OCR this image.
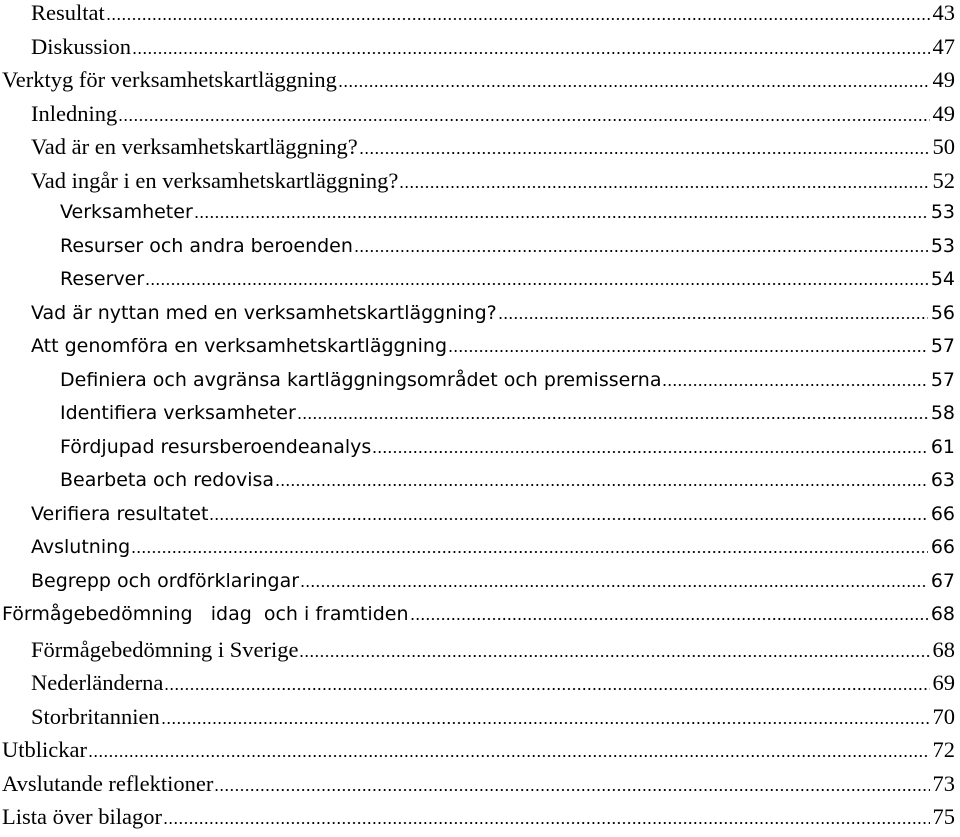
Resultat	43
Diskussion	47
Verktyg för verksamhetskartläggning	49
Inledning	49
Vad är en verksamhetskartläggning?	50
Vad ingår i en verksamhetskartläggning?	52
Verksamheter	53
Resurser och andra beroenden	53
Reserver	54
Vad är nyttan med en verksamhetskartläggning?	56
Att genomföra en verksamhetskartläggning	57
Definiera och avgränsa kartläggningsområdet och premisserna	57
Identifiera verksamheter	58
Fördjupad resursberoendeanalys	61
Bearbeta och redovisa	63
Verifiera resultatet	66
Avslutning	66
Begrepp och ordförklaringar	67
Förmågebedömning   idag  och i framtiden	68
Förmågebedömning i Sverige	68
Nederländerna	69
Storbritannien	70
Utblickar	72
Avslutande reflektioner	73
Lista över bilagor	75
